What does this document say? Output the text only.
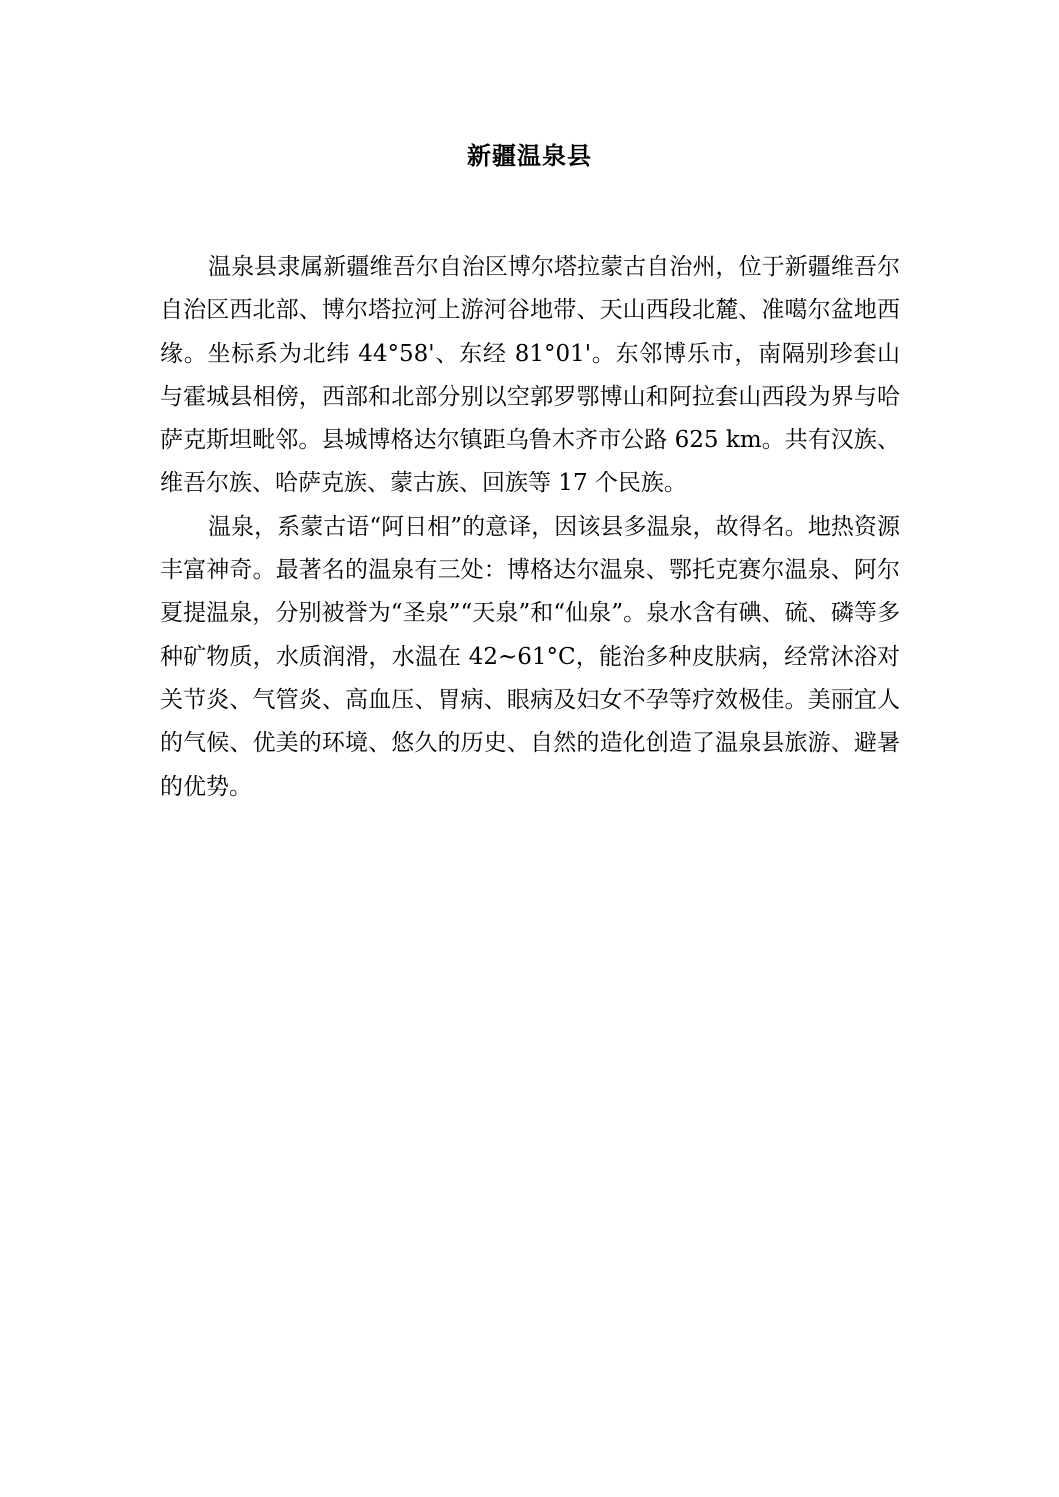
新疆温泉县

温泉县隶属新疆维吾尔自治区博尔塔拉蒙古自治州，位于新疆维吾尔自治区西北部、博尔塔拉河上游河谷地带、天山西段北麓、准噶尔盆地西缘。坐标系为北纬 44°58'、东经 81°01'。东邻博乐市，南隔别珍套山与霍城县相傍，西部和北部分别以空郭罗鄂博山和阿拉套山西段为界与哈萨克斯坦毗邻。县城博格达尔镇距乌鲁木齐市公路 625 km。共有汉族、维吾尔族、哈萨克族、蒙古族、回族等 17 个民族。

温泉，系蒙古语“阿日相”的意译，因该县多温泉，故得名。地热资源丰富神奇。最著名的温泉有三处：博格达尔温泉、鄂托克赛尔温泉、阿尔夏提温泉，分别被誉为“圣泉”“天泉”和“仙泉”。泉水含有碘、硫、磷等多种矿物质，水质润滑，水温在 42~61°C，能治多种皮肤病，经常沐浴对关节炎、气管炎、高血压、胃病、眼病及妇女不孕等疗效极佳。美丽宜人的气候、优美的环境、悠久的历史、自然的造化创造了温泉县旅游、避暑的优势。
